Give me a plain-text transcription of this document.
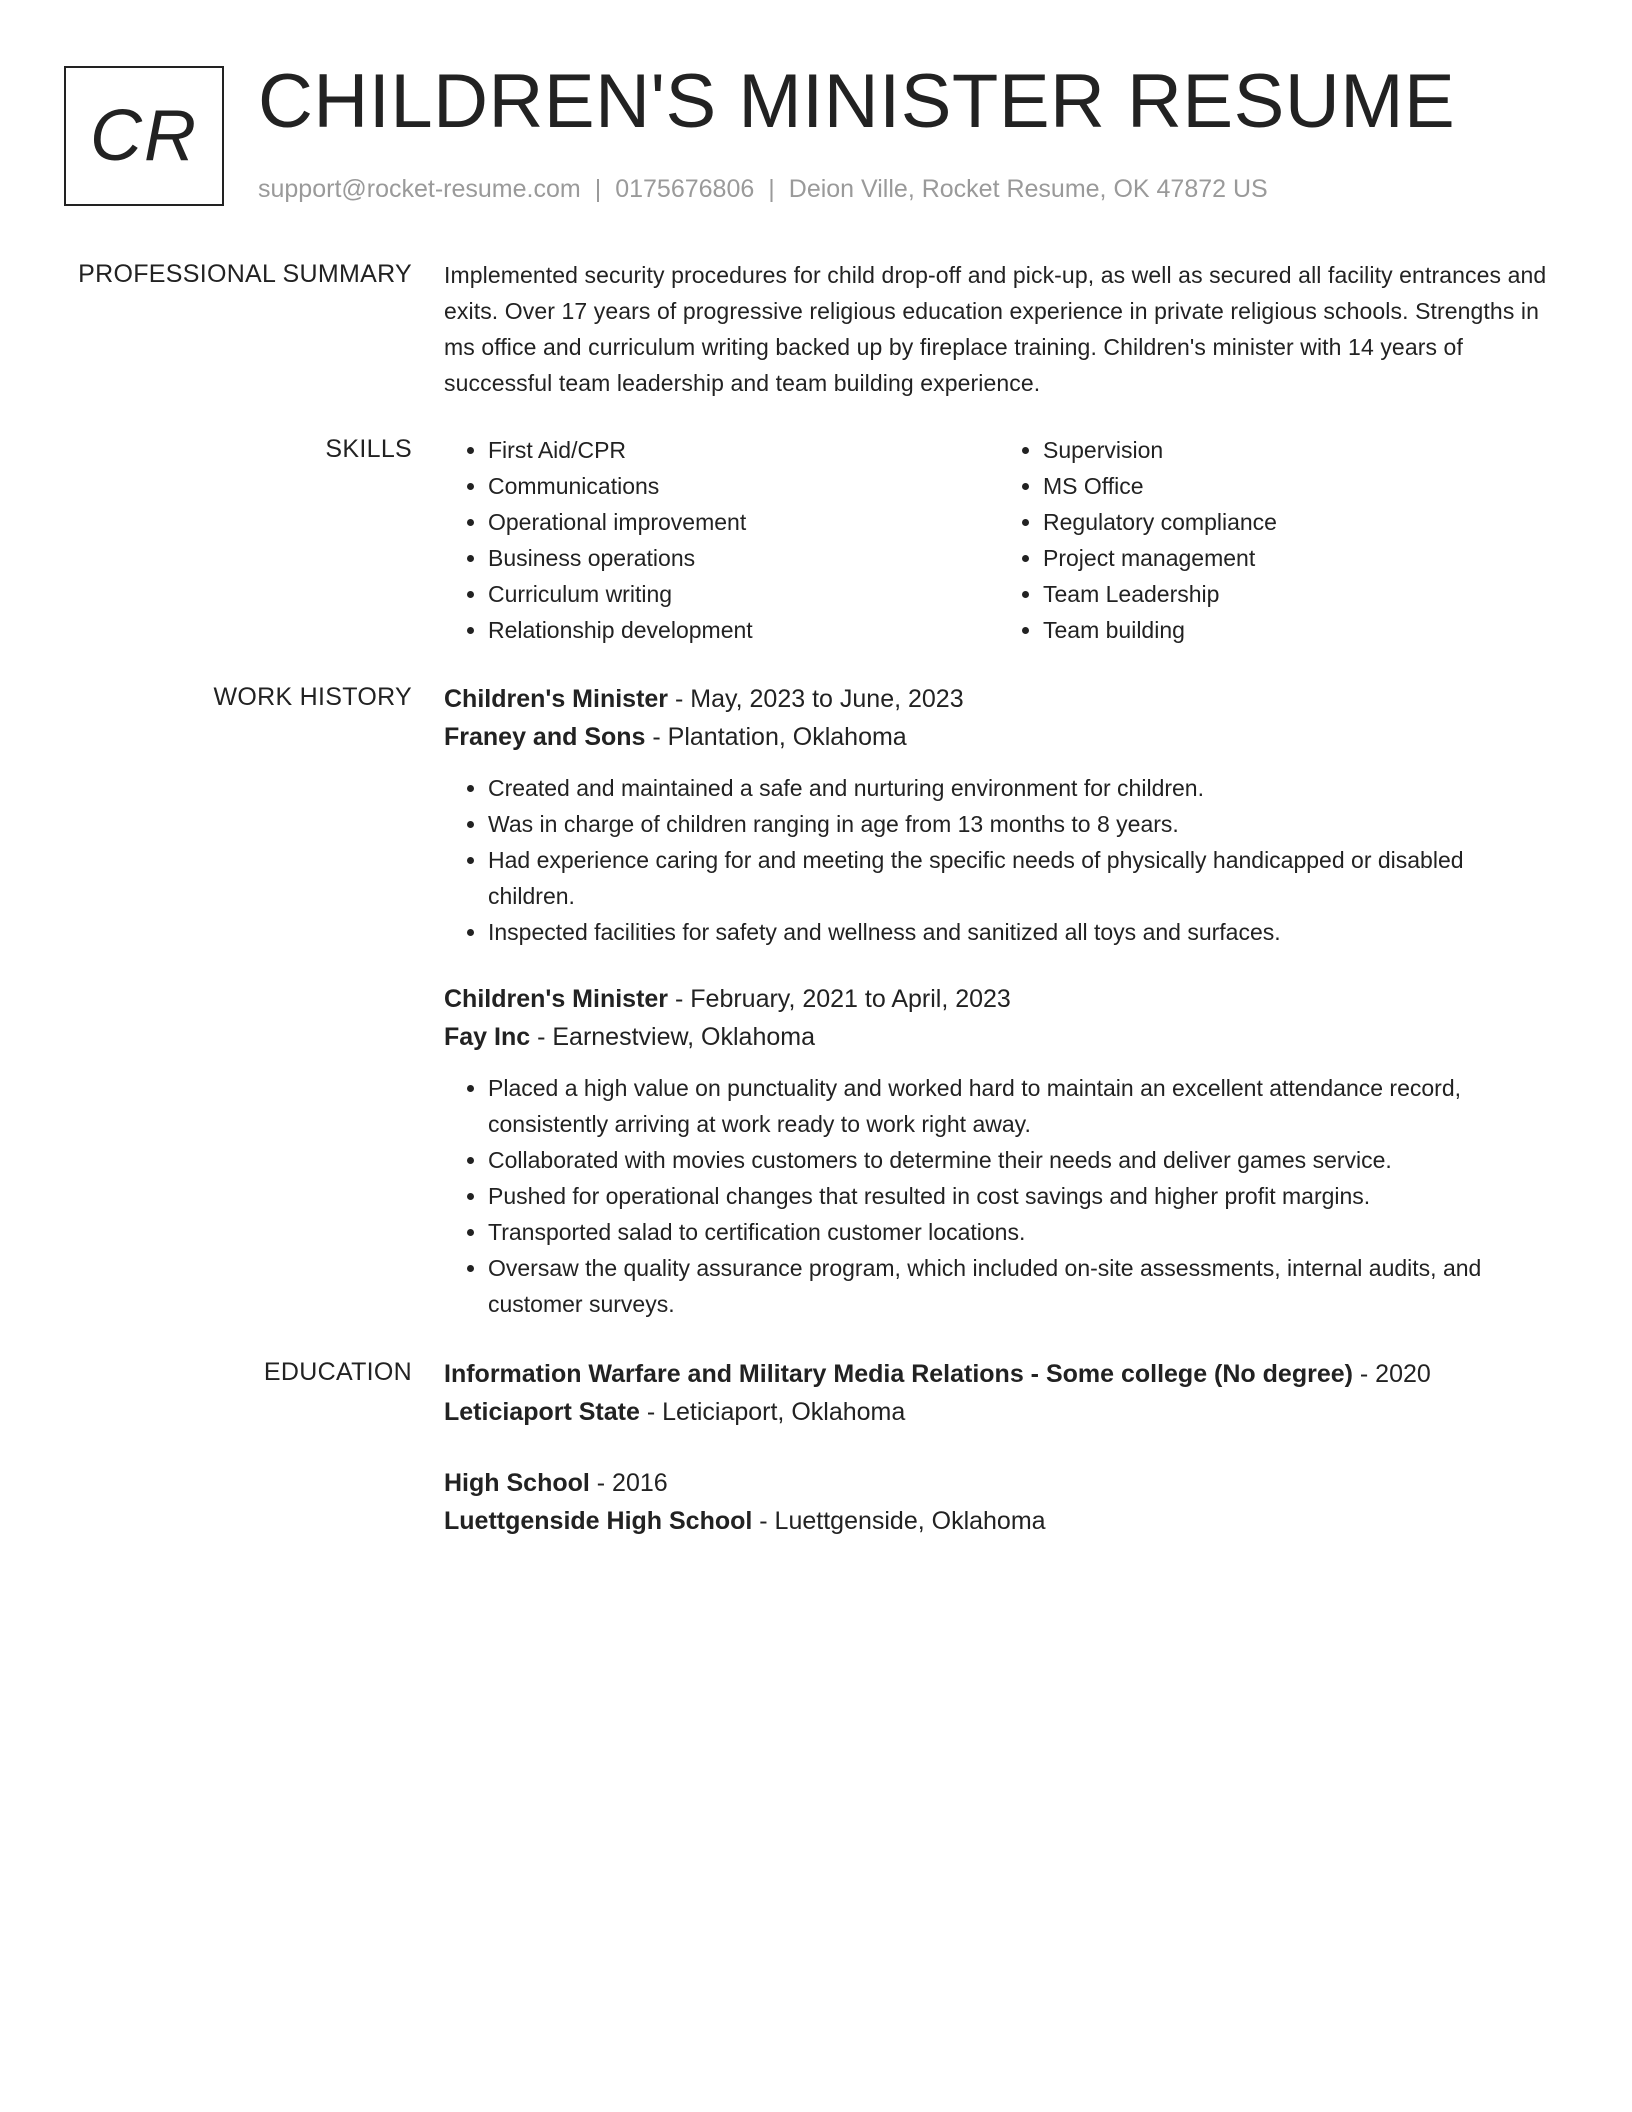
CR CHILDREN'S MINISTER RESUME
support@rocket-resume.com | 0175676806 | Deion Ville, Rocket Resume, OK 47872 US
PROFESSIONAL SUMMARY Implemented security procedures for child drop-off and pick-up, as well as secured all facility entrances and exits. Over 17 years of progressive religious education experience in private religious schools. Strengths in ms office and curriculum writing backed up by fireplace training. Children's minister with 14 years of successful team leadership and team building experience.

SKILLS
•	First Aid/CPR
• Communications
• Operational improvement
• Business operations
• Curriculum writing
• Relationship development
• Supervision
• MS Office
• Regulatory compliance
• Project management
• Team Leadership
• Team building
WORK HISTORY Children's Minister - May, 2023 to June, 2023
Franey and Sons - Plantation, Oklahoma
• Created and maintained a safe and nurturing environment for children.
• Was in charge of children ranging in age from 13 months to 8 years.
• Had experience caring for and meeting the specific needs of physically handicapped or disabled children.
• Inspected facilities for safety and wellness and sanitized all toys and surfaces.
Children's Minister - February, 2021 to April, 2023
Fay Inc - Earnestview, Oklahoma
• Placed a high value on punctuality and worked hard to maintain an excellent attendance record, consistently arriving at work ready to work right away.
• Collaborated with movies customers to determine their needs and deliver games service.
• Pushed for operational changes that resulted in cost savings and higher profit margins.
• Transported salad to certification customer locations.
• Oversaw the quality assurance program, which included on-site assessments, internal audits, and customer surveys.
EDUCATION Information Warfare and Military Media Relations - Some college (No degree) - 2020
Leticiaport State - Leticiaport, Oklahoma
High School - 2016
Luettgenside High School - Luettgenside, Oklahoma
